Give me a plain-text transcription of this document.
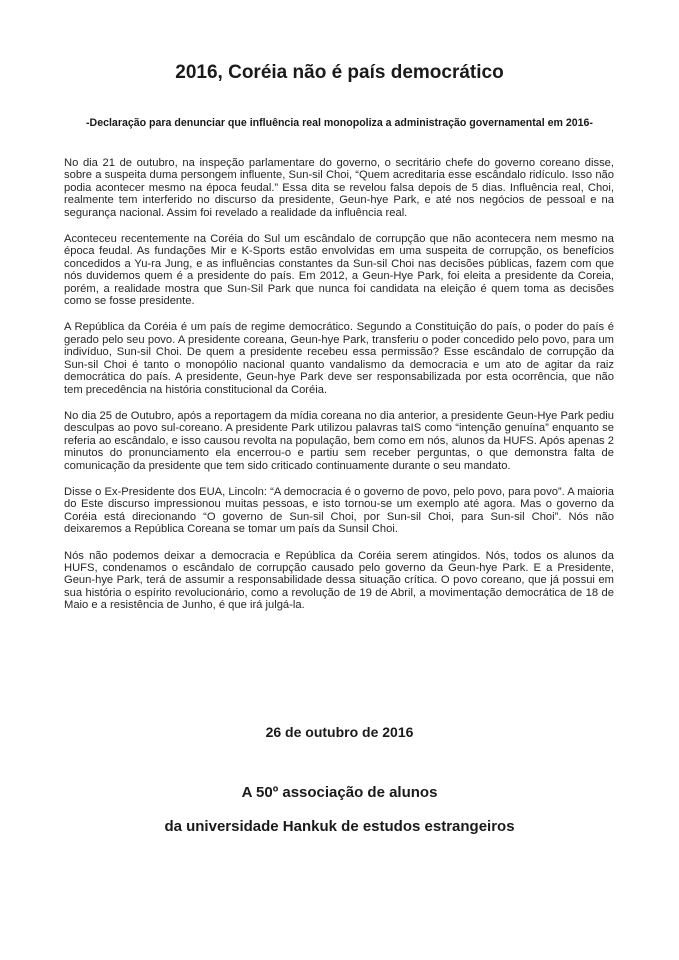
2016, Coréia não é país democrático
-Declaração para denunciar que influência real monopoliza a administração governamental em 2016-

No dia 21 de outubro, na inspeção parlamentare do governo, o secritário chefe do governo coreano disse, sobre a suspeita duma persongem influente, Sun-sil Choi, “Quem acreditaria esse escândalo ridículo. Isso não podia acontecer mesmo na época feudal.” Essa dita se revelou falsa depois de 5 dias. Influência real, Choi, realmente tem interferido no discurso da presidente, Geun-hye Park, e até nos negócios de pessoal e na segurança nacional. Assim foi revelado a realidade da influência real.

Aconteceu recentemente na Coréia do Sul um escândalo de corrupção que não acontecera nem mesmo na época feudal. As fundações Mir e K-Sports estão envolvidas em uma suspeita de corrupção, os benefícios concedidos a Yu-ra Jung, e as influências constantes da Sun-sil Choi nas decisões públicas, fazem com que nós duvidemos quem é a presidente do país. Em 2012, a Geun-Hye Park, foi eleita a presidente da Coreia, porém, a realidade mostra que Sun-Sil Park que nunca foi candidata na eleição é quem toma as decisões como se fosse presidente.

A República da Coréia é um país de regime democrático. Segundo a Constituição do país, o poder do país é gerado pelo seu povo. A presidente coreana, Geun-hye Park, transferiu o poder concedido pelo povo, para um indivíduo, Sun-sil Choi. De quem a presidente recebeu essa permissão? Esse escândalo de corrupção da Sun-sil Choi é tanto o monopólio nacional quanto vandalismo da democracia e um ato de agitar da raiz democrática do país. A presidente, Geun-hye Park deve ser responsabilizada por esta ocorrência, que não tem precedência na história constitucional da Coréia.

No dia 25 de Outubro, após a reportagem da mídia coreana no dia anterior, a presidente Geun-Hye Park pediu desculpas ao povo sul-coreano. A presidente Park utilizou palavras taIS como “intenção genuína” enquanto se referia ao escândalo, e isso causou revolta na população, bem como em nós, alunos da HUFS. Após apenas 2 minutos do pronunciamento ela encerrou-o e partiu sem receber perguntas, o que demonstra falta de comunicação da presidente que tem sido criticado continuamente durante o seu mandato.

Disse o Ex-Presidente dos EUA, Lincoln: “A democracia é o governo de povo, pelo povo, para povo”. A maioria do Este discurso impressionou muitas pessoas, e isto tornou-se um exemplo até agora. Mas o governo da Coréia está direcionando “O governo de Sun-sil Choi, por Sun-sil Choi, para Sun-sil Choi”. Nós não deixaremos a República Coreana se tomar um país da Sunsil Choi.

Nós não podemos deixar a democracia e República da Coréia serem atingidos. Nós, todos os alunos da HUFS, condenamos o escândalo de corrupção causado pelo governo da Geun-hye Park. E a Presidente, Geun-hye Park, terá de assumir a responsabilidade dessa situação crítica. O povo coreano, que já possui em sua história o espírito revolucionário, como a revolução de 19 de Abril, a movimentação democrática de 18 de Maio e a resistência de Junho, é que irá julgá-la.

26 de outubro de 2016
A 50º associação de alunos
da universidade Hankuk de estudos estrangeiros
